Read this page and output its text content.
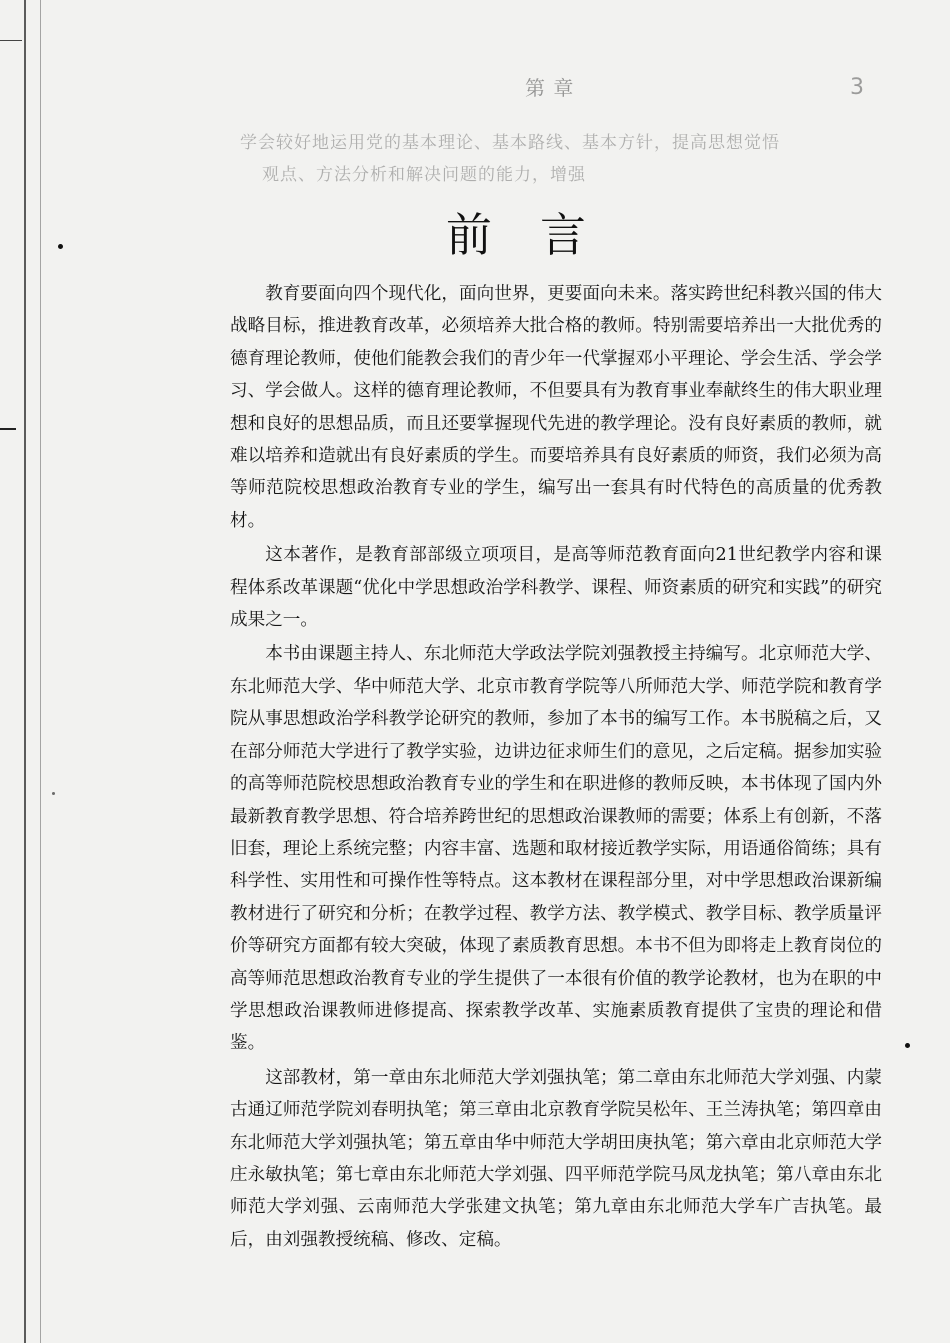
第 章	3
学会较好地运用党的基本理论、基本路线、基本方针，提高思想觉悟
观点、方法分析和解决问题的能力，增强
前言

教育要面向四个现代化，面向世界，更要面向未来。落实跨世纪科教兴国的伟大战略目标，推进教育改革，必须培养大批合格的教师。特别需要培养出一大批优秀的德育理论教师，使他们能教会我们的青少年一代掌握邓小平理论、学会生活、学会学习、学会做人。这样的德育理论教师，不但要具有为教育事业奉献终生的伟大职业理想和良好的思想品质，而且还要掌握现代先进的教学理论。没有良好素质的教师，就难以培养和造就出有良好素质的学生。而要培养具有良好素质的师资，我们必须为高等师范院校思想政治教育专业的学生，编写出一套具有时代特色的高质量的优秀教材。

这本著作，是教育部部级立项项目，是高等师范教育面向21世纪教学内容和课程体系改革课题“优化中学思想政治学科教学、课程、师资素质的研究和实践”的研究成果之一。

本书由课题主持人、东北师范大学政法学院刘强教授主持编写。北京师范大学、东北师范大学、华中师范大学、北京市教育学院等八所师范大学、师范学院和教育学院从事思想政治学科教学论研究的教师，参加了本书的编写工作。本书脱稿之后，又在部分师范大学进行了教学实验，边讲边征求师生们的意见，之后定稿。据参加实验的高等师范院校思想政治教育专业的学生和在职进修的教师反映，本书体现了国内外最新教育教学思想、符合培养跨世纪的思想政治课教师的需要；体系上有创新，不落旧套，理论上系统完整；内容丰富、选题和取材接近教学实际，用语通俗简练；具有科学性、实用性和可操作性等特点。这本教材在课程部分里，对中学思想政治课新编教材进行了研究和分析；在教学过程、教学方法、教学模式、教学目标、教学质量评价等研究方面都有较大突破，体现了素质教育思想。本书不但为即将走上教育岗位的高等师范思想政治教育专业的学生提供了一本很有价值的教学论教材，也为在职的中学思想政治课教师进修提高、探索教学改革、实施素质教育提供了宝贵的理论和借鉴。

这部教材，第一章由东北师范大学刘强执笔；第二章由东北师范大学刘强、内蒙古通辽师范学院刘春明执笔；第三章由北京教育学院吴松年、王兰涛执笔；第四章由东北师范大学刘强执笔；第五章由华中师范大学胡田庚执笔；第六章由北京师范大学庄永敏执笔；第七章由东北师范大学刘强、四平师范学院马凤龙执笔；第八章由东北师范大学刘强、云南师范大学张建文执笔；第九章由东北师范大学车广吉执笔。最后，由刘强教授统稿、修改、定稿。
